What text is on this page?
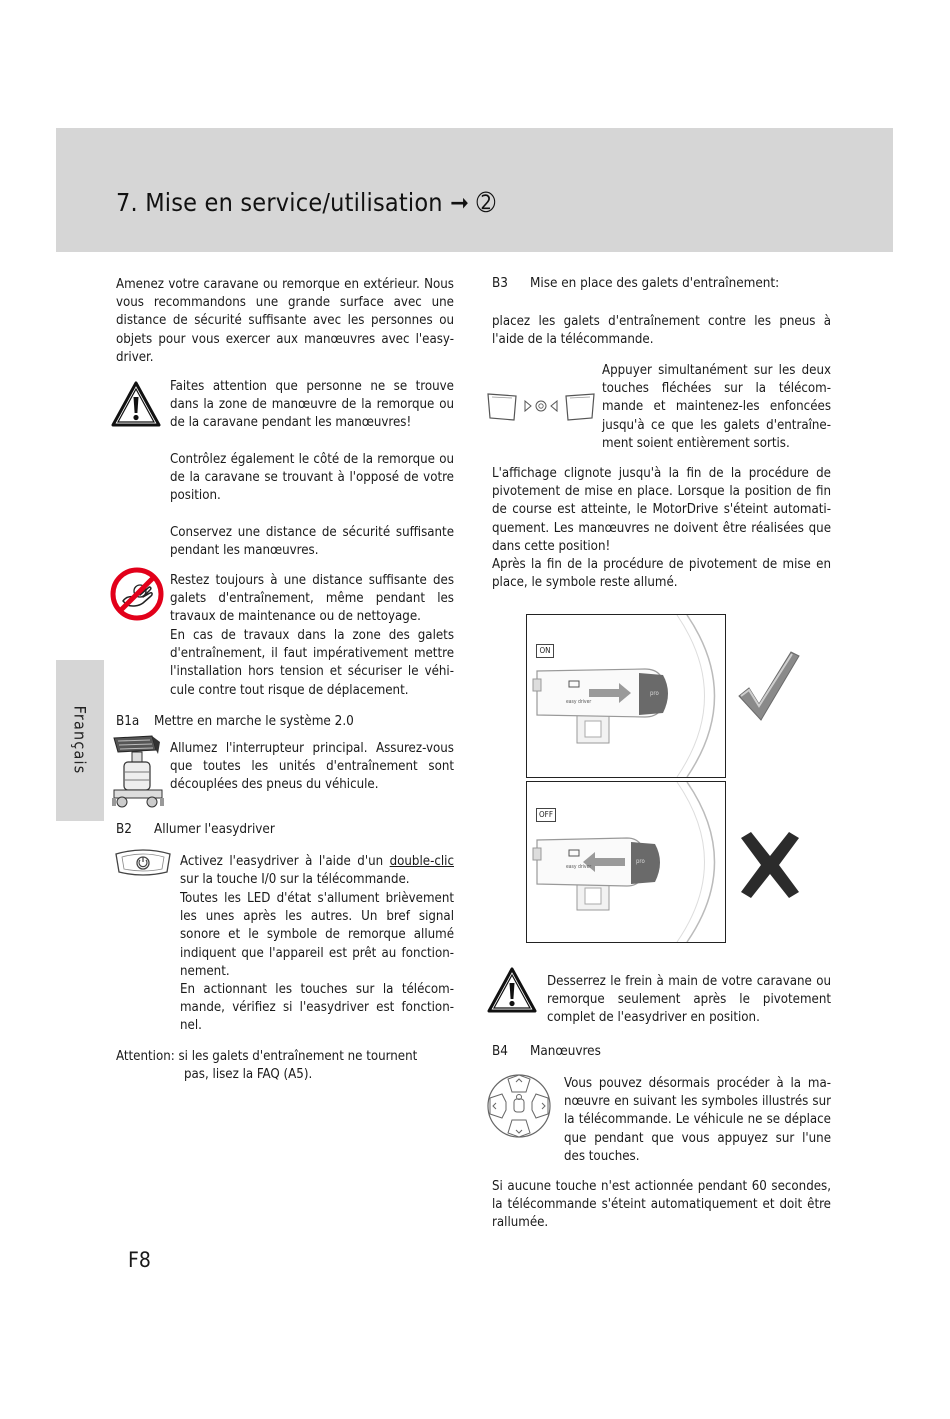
7. Mise en service/utilisation ➞ ➁
Français
Amenez votre caravane ou remorque en extérieur. Nous vous recommandons une grande surface avec une distance de sécurité suffisante avec les personnes ou objets pour vous exercer aux manœuvres avec l'easy-driver.
Faites attention que personne ne se trouve dans la zone de manœuvre de la remorque ou de la caravane pendant les manœuvres!
Contrôlez également le côté de la remorque ou de la caravane se trouvant à l'opposé de votre position.
Conservez une distance de sécurité suffisante pendant les manœuvres.
Restez toujours à une distance suffisante des galets d'entraînement, même pendant les travaux de maintenance ou de nettoyage.
En cas de travaux dans la zone des galets d'entraînement, il faut impérativement mettre l'installation hors tension et sécuriser le véhi-cule contre tout risque de déplacement.
B1a Mettre en marche le système 2.0
Allumez l'interrupteur principal. Assurez-vous que toutes les unités d'entraînement sont découplées des pneus du véhicule.
B2 Allumer l'easydriver
Activez l'easydriver à l'aide d'un double-clic sur la touche I/0 sur la télécommande.
Toutes les LED d'état s'allument brièvement les unes après les autres. Un bref signal sonore et le symbole de remorque allumé indiquent que l'appareil est prêt au fonction-nement.
En actionnant les touches sur la télécom-mande, vérifiez si l'easydriver est fonction-nel.
Attention: si les galets d'entraînement ne tournent
pas, lisez la FAQ (A5).
F8
B3 Mise en place des galets d'entraînement:
placez les galets d'entraînement contre les pneus à l'aide de la télécommande.
Appuyer simultanément sur les deux touches fléchées sur la télécom-mande et maintenez-les enfoncées jusqu'à ce que les galets d'entraîne-ment soient entièrement sortis.
L'affichage clignote jusqu'à la fin de la procédure de pivotement de mise en place. Lorsque la position de fin de course est atteinte, le MotorDrive s'éteint automati-quement. Les manœuvres ne doivent être réalisées que dans cette position!
Après la fin de la procédure de pivotement de mise en place, le symbole reste allumé.
ON
easy driver
pro
OFF
easy driver
pro
Desserrez le frein à main de votre caravane ou remorque seulement après le pivotement complet de l'easydriver en position.
B4 Manœuvres
Vous pouvez désormais procéder à la ma-nœuvre en suivant les symboles illustrés sur la télécommande. Le véhicule ne se déplace que pendant que vous appuyez sur l'une des touches.
Si aucune touche n'est actionnée pendant 60 secondes, la télécommande s'éteint automatiquement et doit être rallumée.
